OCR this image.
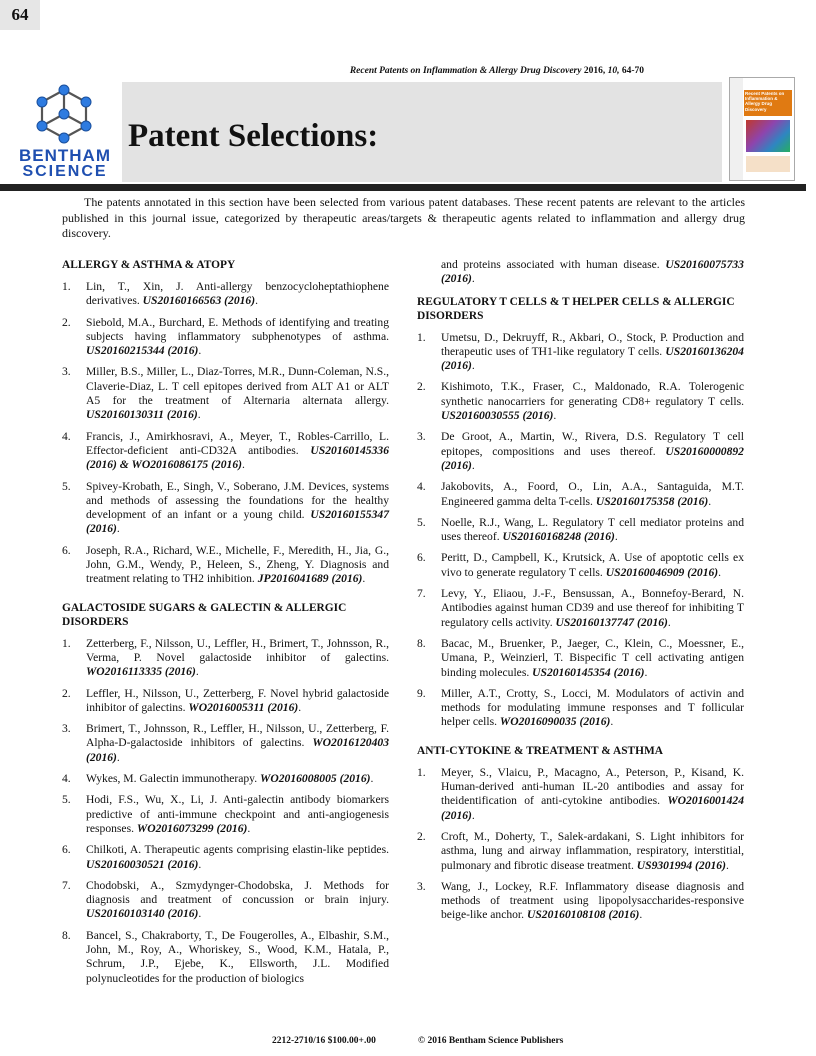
64
Recent Patents on Inflammation & Allergy Drug Discovery 2016, 10, 64-70
Patent Selections:
BENTHAM
SCIENCE
Recent Patents on Inflammation & Allergy Drug Discovery
The patents annotated in this section have been selected from various patent databases. These recent patents are relevant to the articles published in this journal issue, categorized by therapeutic areas/targets & therapeutic agents related to inflammation and allergy drug discovery.
ALLERGY & ASTHMA & ATOPY
1.	Lin, T., Xin, J. Anti-allergy benzocycloheptathiophene derivatives. US20160166563 (2016).
2.	Siebold, M.A., Burchard, E. Methods of identifying and treating subjects having inflammatory subphenotypes of asthma. US20160215344 (2016).
3.	Miller, B.S., Miller, L., Diaz-Torres, M.R., Dunn-Coleman, N.S., Claverie-Diaz, L. T cell epitopes derived from ALT A1 or ALT A5 for the treatment of Alternaria alternata allergy. US20160130311 (2016).
4.	Francis, J., Amirkhosravi, A., Meyer, T., Robles-Carrillo, L. Effector-deficient anti-CD32A antibodies. US20160145336 (2016) & WO2016086175 (2016).
5.	Spivey-Krobath, E., Singh, V., Soberano, J.M. Devices, systems and methods of assessing the foundations for the healthy development of an infant or a young child. US20160155347 (2016).
6.	Joseph, R.A., Richard, W.E., Michelle, F., Meredith, H., Jia, G., John, G.M., Wendy, P., Heleen, S., Zheng, Y. Diagnosis and treatment relating to TH2 inhibition. JP2016041689 (2016).
GALACTOSIDE SUGARS & GALECTIN & ALLERGIC DISORDERS
1.	Zetterberg, F., Nilsson, U., Leffler, H., Brimert, T., Johnsson, R., Verma, P. Novel galactoside inhibitor of galectins. WO2016113335 (2016).
2.	Leffler, H., Nilsson, U., Zetterberg, F. Novel hybrid galactoside inhibitor of galectins. WO2016005311 (2016).
3.	Brimert, T., Johnsson, R., Leffler, H., Nilsson, U., Zetterberg, F. Alpha-D-galactoside inhibitors of galectins. WO2016120403 (2016).
4.	Wykes, M. Galectin immunotherapy. WO2016008005 (2016).
5.	Hodi, F.S., Wu, X., Li, J. Anti-galectin antibody biomarkers predictive of anti-immune checkpoint and anti-angiogenesis responses. WO2016073299 (2016).
6.	Chilkoti, A. Therapeutic agents comprising elastin-like peptides. US20160030521 (2016).
7.	Chodobski, A., Szmydynger-Chodobska, J. Methods for diagnosis and treatment of concussion or brain injury. US20160103140 (2016).
8.	Bancel, S., Chakraborty, T., De Fougerolles, A., Elbashir, S.M., John, M., Roy, A., Whoriskey, S., Wood, K.M., Hatala, P., Schrum, J.P., Ejebe, K., Ellsworth, J.L. Modified polynucleotides for the production of biologics
and proteins associated with human disease. US20160075733 (2016).
REGULATORY T CELLS & T HELPER CELLS & ALLERGIC DISORDERS
1.	Umetsu, D., Dekruyff, R., Akbari, O., Stock, P. Production and therapeutic uses of TH1-like regulatory T cells. US20160136204 (2016).
2.	Kishimoto, T.K., Fraser, C., Maldonado, R.A. Tolerogenic synthetic nanocarriers for generating CD8+ regulatory T cells. US20160030555 (2016).
3.	De Groot, A., Martin, W., Rivera, D.S. Regulatory T cell epitopes, compositions and uses thereof. US20160000892 (2016).
4.	Jakobovits, A., Foord, O., Lin, A.A., Santaguida, M.T. Engineered gamma delta T-cells. US20160175358 (2016).
5.	Noelle, R.J., Wang, L. Regulatory T cell mediator proteins and uses thereof. US20160168248 (2016).
6.	Peritt, D., Campbell, K., Krutsick, A. Use of apoptotic cells ex vivo to generate regulatory T cells. US20160046909 (2016).
7.	Levy, Y., Eliaou, J.-F., Bensussan, A., Bonnefoy-Berard, N. Antibodies against human CD39 and use thereof for inhibiting T regulatory cells activity. US20160137747 (2016).
8.	Bacac, M., Bruenker, P., Jaeger, C., Klein, C., Moessner, E., Umana, P., Weinzierl, T. Bispecific T cell activating antigen binding molecules. US20160145354 (2016).
9.	Miller, A.T., Crotty, S., Locci, M. Modulators of activin and methods for modulating immune responses and T follicular helper cells. WO2016090035 (2016).
ANTI-CYTOKINE & TREATMENT & ASTHMA
1.	Meyer, S., Vlaicu, P., Macagno, A., Peterson, P., Kisand, K. Human-derived anti-human IL-20 antibodies and assay for theidentification of anti-cytokine antibodies. WO2016001424 (2016).
2.	Croft, M., Doherty, T., Salek-ardakani, S. Light inhibitors for asthma, lung and airway inflammation, respiratory, interstitial, pulmonary and fibrotic disease treatment. US9301994 (2016).
3.	Wang, J., Lockey, R.F. Inflammatory disease diagnosis and methods of treatment using lipopolysaccharides-responsive beige-like anchor. US20160108108 (2016).
2212-2710/16 $100.00+.00	© 2016 Bentham Science Publishers
